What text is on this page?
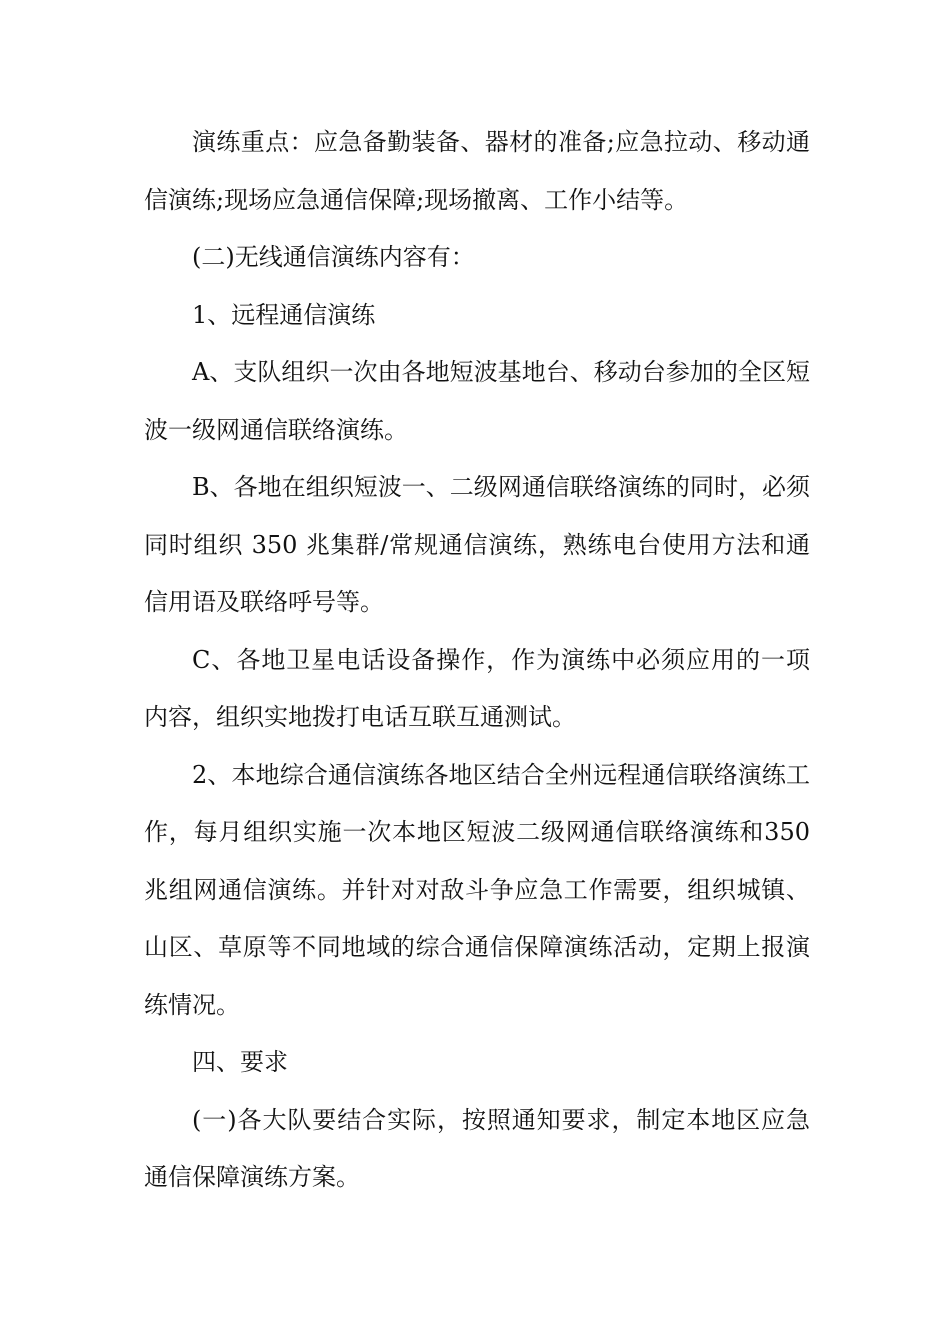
演练重点：应急备勤装备、器材的准备;应急拉动、移动通信演练;现场应急通信保障;现场撤离、工作小结等。

(二)无线通信演练内容有：

1、远程通信演练

A、支队组织一次由各地短波基地台、移动台参加的全区短波一级网通信联络演练。

B、各地在组织短波一、二级网通信联络演练的同时，必须同时组织 350 兆集群/常规通信演练，熟练电台使用方法和通信用语及联络呼号等。

C、各地卫星电话设备操作，作为演练中必须应用的一项内容，组织实地拨打电话互联互通测试。

2、本地综合通信演练各地区结合全州远程通信联络演练工作，每月组织实施一次本地区短波二级网通信联络演练和350兆组网通信演练。并针对对敌斗争应急工作需要，组织城镇、山区、草原等不同地域的综合通信保障演练活动，定期上报演练情况。

四、要求

(一)各大队要结合实际，按照通知要求，制定本地区应急通信保障演练方案。
